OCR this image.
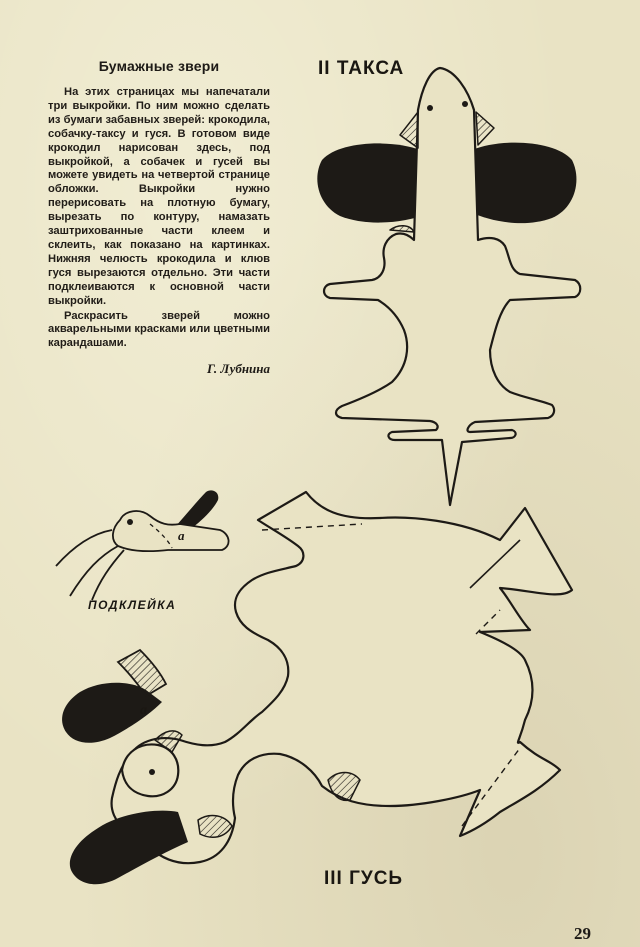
Бумажные звери

На этих страницах мы напечатали три выкройки. По ним можно сделать из бумаги забавных зверей: крокодила, собачку-таксу и гуся. В готовом виде крокодил нарисован здесь, под выкройкой, а собачек и гусей вы можете увидеть на четвертой странице обложки. Выкройки нужно перерисовать на плотную бумагу, вырезать по контуру, намазать заштрихованные части клеем и склеить, как показано на картинках. Нижняя челюсть крокодила и клюв гуся вырезаются отдельно. Эти части подклеиваются к основной части выкройки.

Раскрасить зверей можно акварельными красками или цветными карандашами.

Г. Лубнина
II ТАКСА
III ГУСЬ
ПОДКЛЕЙКА
а
а
29
